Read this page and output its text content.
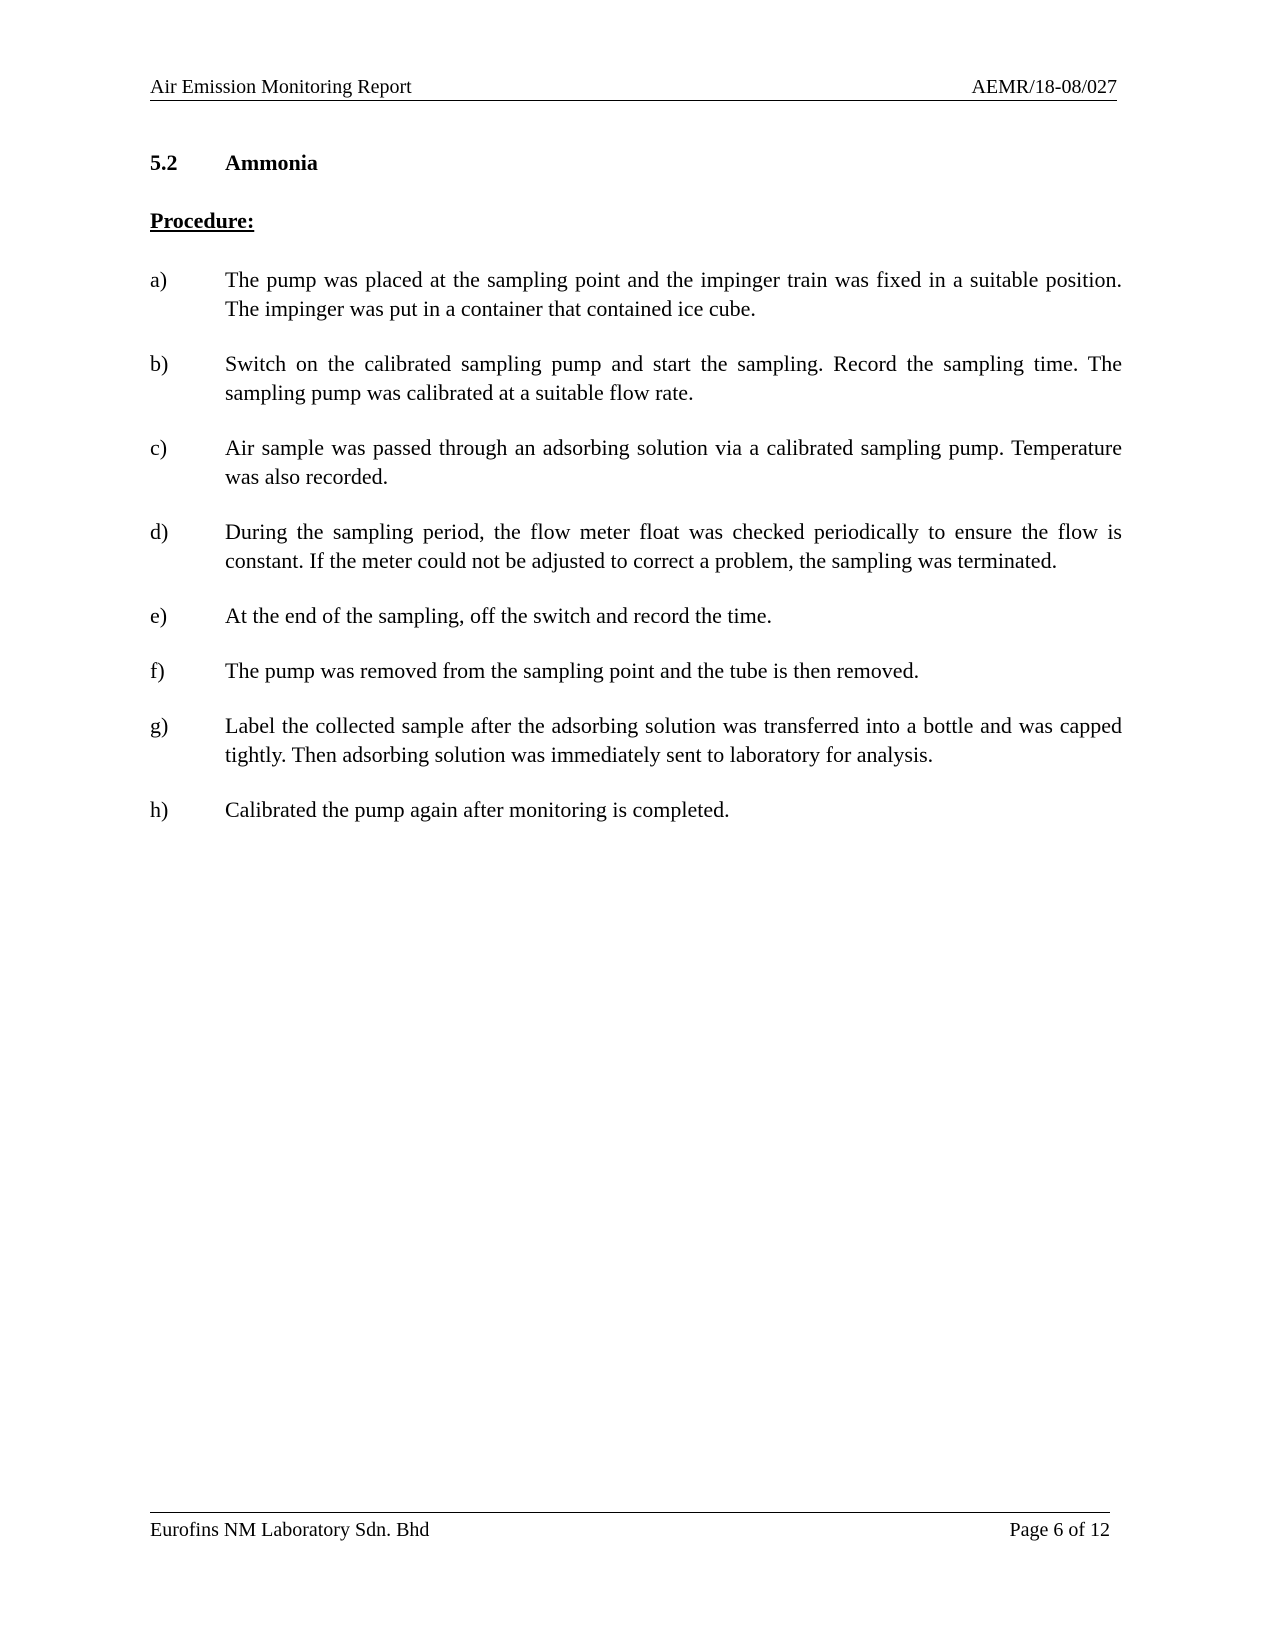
Air Emission Monitoring Report	AEMR/18-08/027
5.2 Ammonia
Procedure:
a)	The pump was placed at the sampling point and the impinger train was fixed in a suitable position. The impinger was put in a container that contained ice cube.
b)	Switch on the calibrated sampling pump and start the sampling. Record the sampling time. The sampling pump was calibrated at a suitable flow rate.
c)	Air sample was passed through an adsorbing solution via a calibrated sampling pump. Temperature was also recorded.
d)	During the sampling period, the flow meter float was checked periodically to ensure the flow is constant. If the meter could not be adjusted to correct a problem, the sampling was terminated.
e)	At the end of the sampling, off the switch and record the time.
f)	The pump was removed from the sampling point and the tube is then removed.
g)	Label the collected sample after the adsorbing solution was transferred into a bottle and was capped tightly. Then adsorbing solution was immediately sent to laboratory for analysis.
h)	Calibrated the pump again after monitoring is completed.
Eurofins NM Laboratory Sdn. Bhd	Page 6 of 12
